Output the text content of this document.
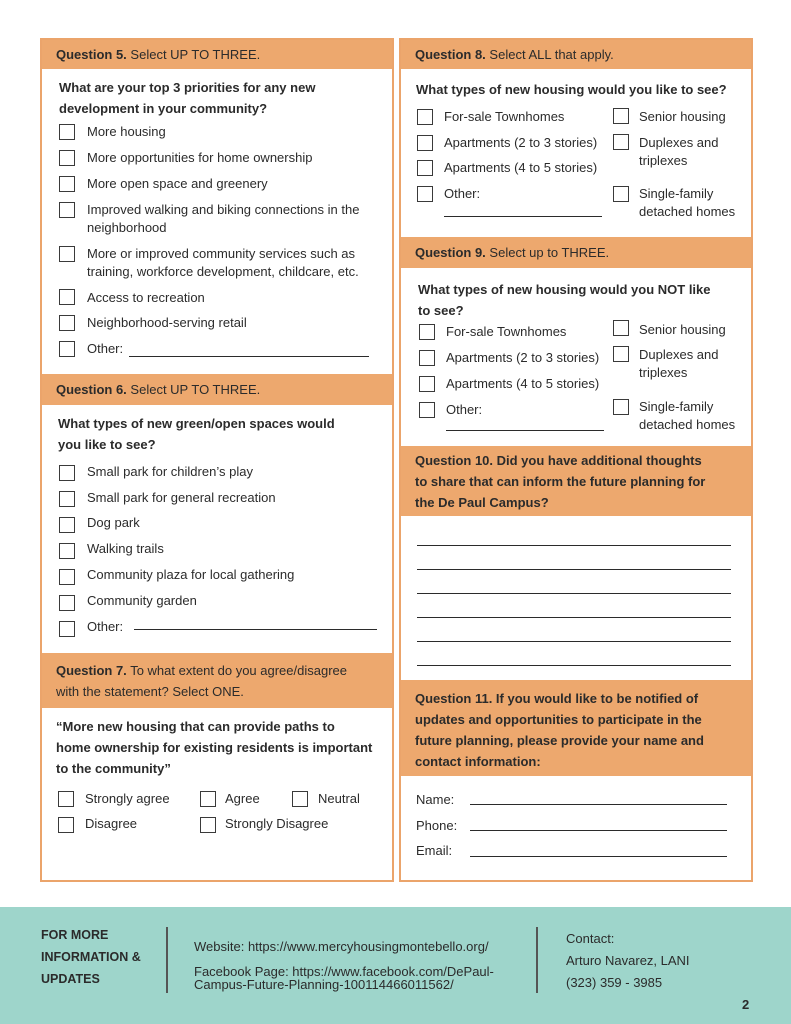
Question 5. Select UP TO THREE.
What are your top 3 priorities for any new
development in your community?
More housing
More opportunities for home ownership
More open space and greenery
Improved walking and biking connections in the
neighborhood
More or improved community services such as
training, workforce development, childcare, etc.
Access to recreation
Neighborhood-serving retail
Other:
Question 6. Select UP TO THREE.
What types of new green/open spaces would
you like to see?
Small park for children’s play
Small park for general recreation
Dog park
Walking trails
Community plaza for local gathering
Community garden
Other:
Question 7. To what extent do you agree/disagree
with the statement? Select ONE.
“More new housing that can provide paths to
home ownership for existing residents is important
to the community”
Strongly agree	Agree	Neutral
Disagree	Strongly Disagree
Question 8. Select ALL that apply.
What types of new housing would you like to see?
For-sale Townhomes
Apartments (2 to 3 stories)
Apartments (4 to 5 stories)
Other:
Senior housing
Duplexes and
triplexes
Single-family
detached homes
Question 9. Select up to THREE.
What types of new housing would you NOT like
to see?
For-sale Townhomes
Apartments (2 to 3 stories)
Apartments (4 to 5 stories)
Other:
Senior housing
Duplexes and
triplexes
Single-family
detached homes
Question 10. Did you have additional thoughts
to share that can inform the future planning for
the De Paul Campus?
Question 11. If you would like to be notified of
updates and opportunities to participate in the
future planning, please provide your name and
contact information:
Name:
Phone:
Email:
FOR MORE
INFORMATION &
UPDATES
Website: https://www.mercyhousingmontebello.org/
Facebook Page: https://www.facebook.com/DePaul-
Campus-Future-Planning-100114466011562/
Contact:
Arturo Navarez, LANI
(323) 359 - 3985
2
